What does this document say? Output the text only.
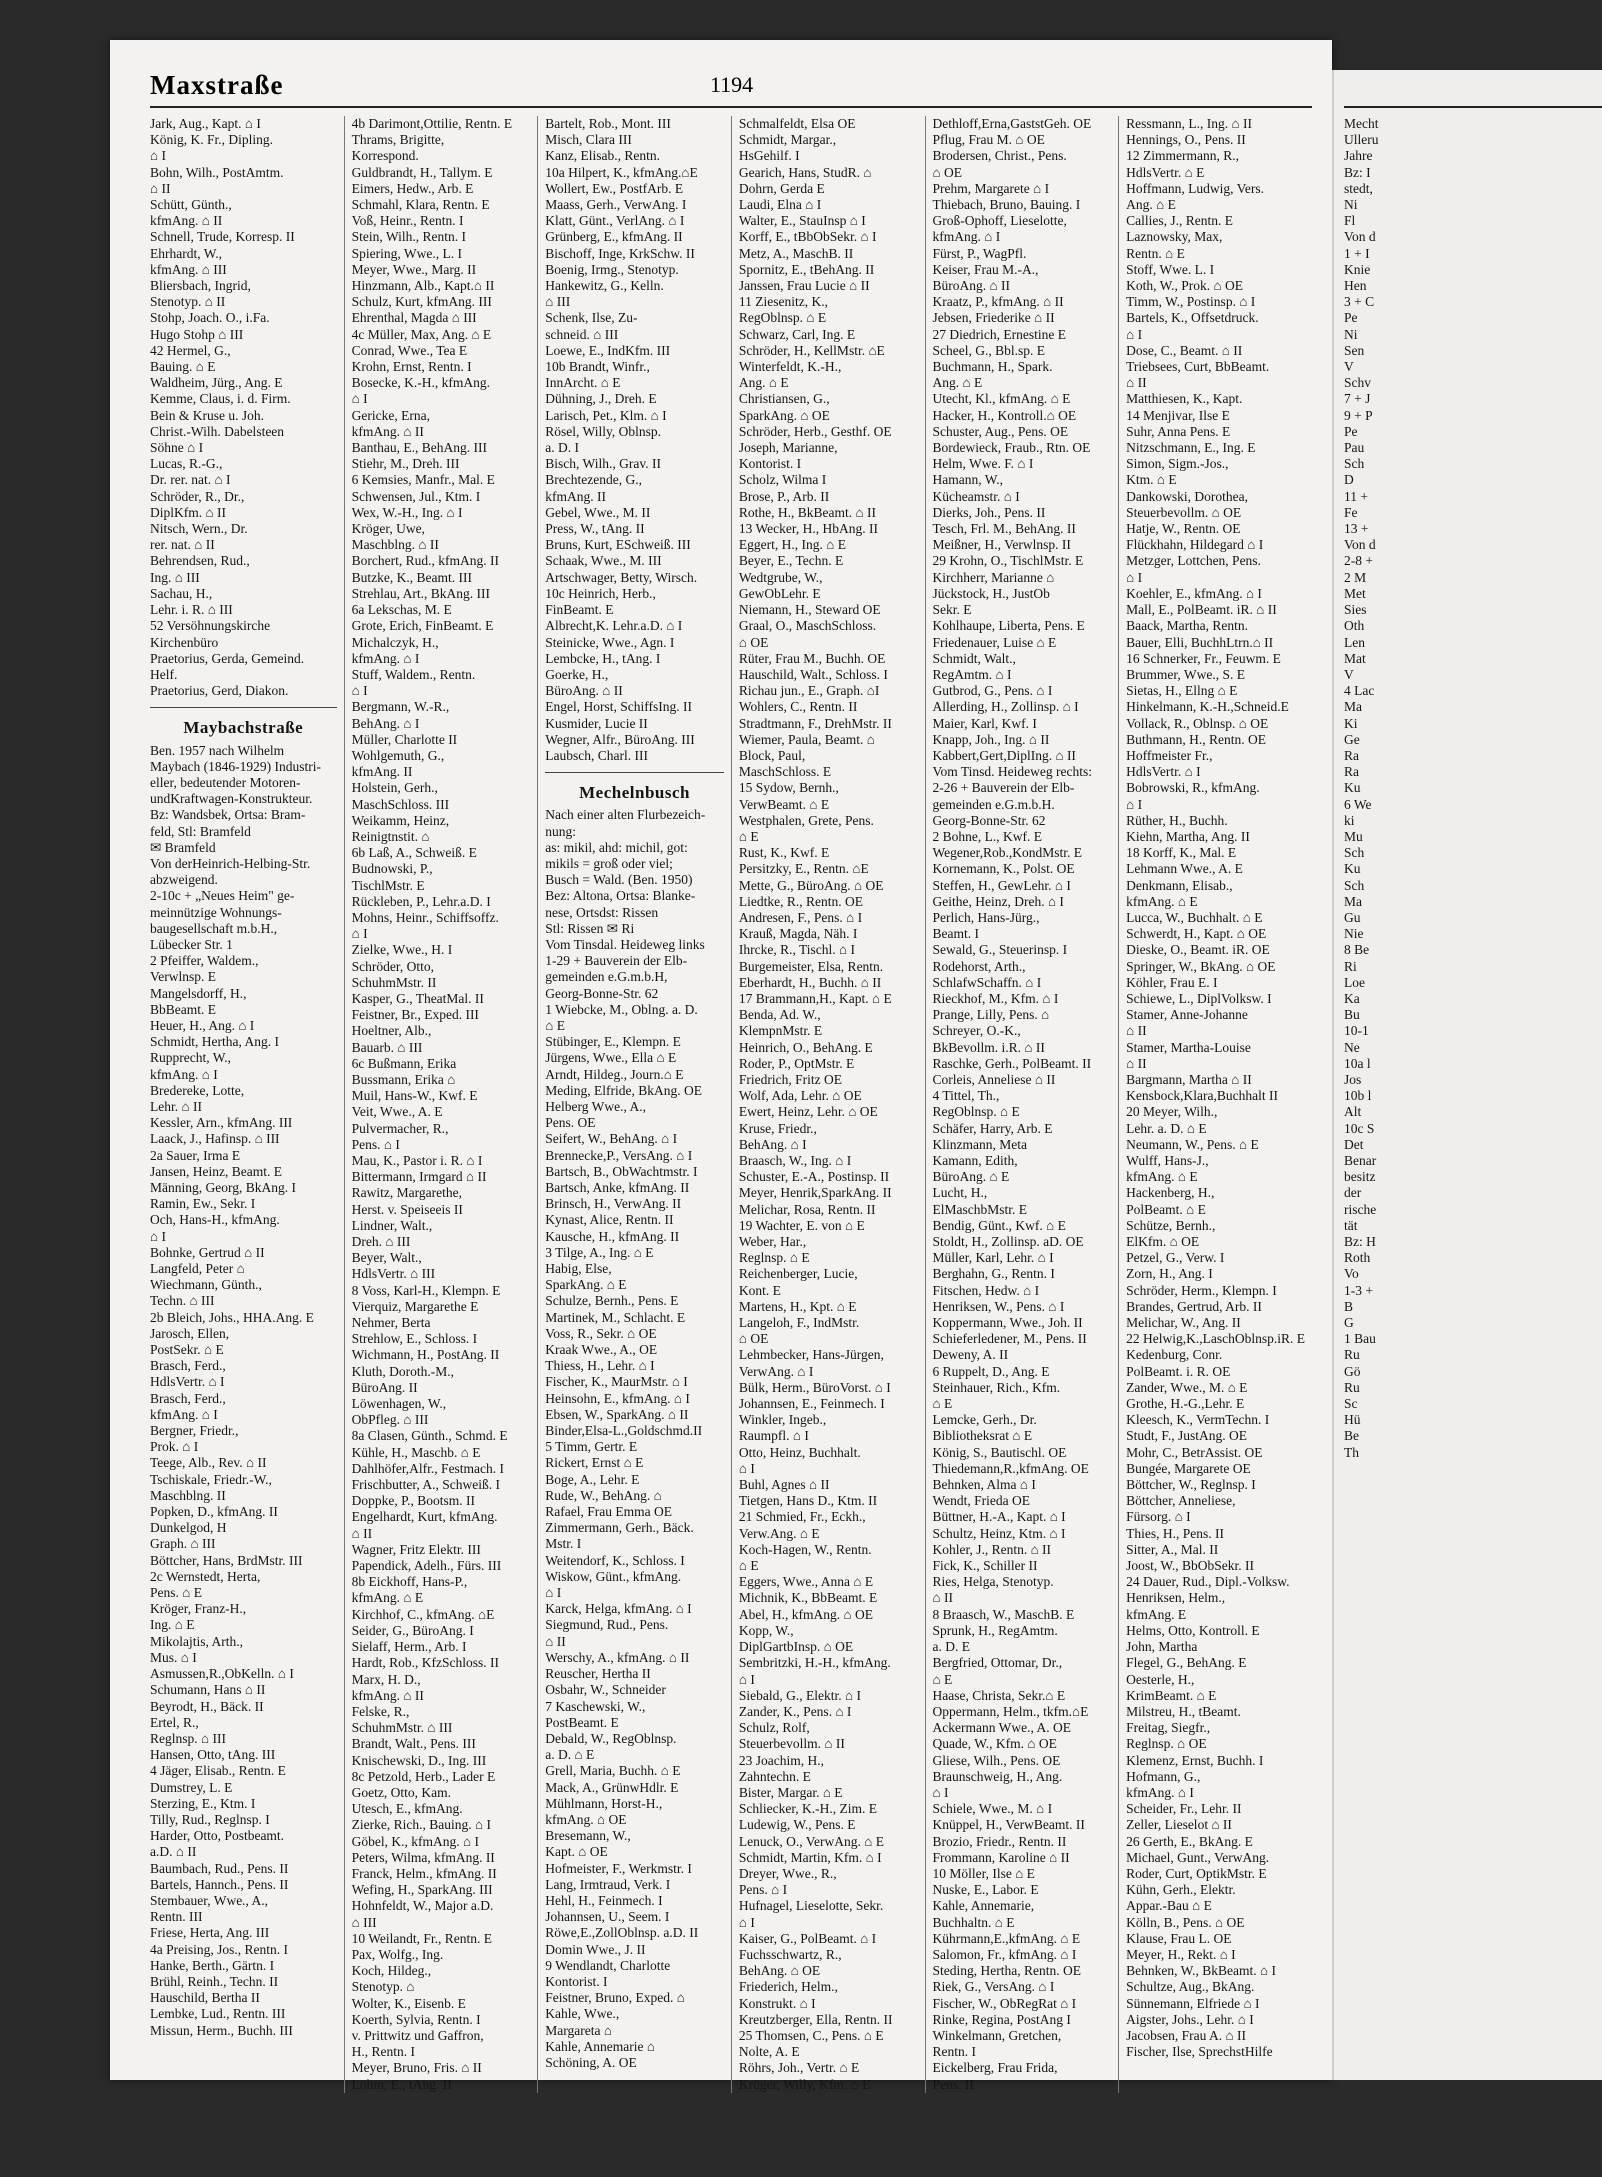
Maxstraße	1194
Jark, Aug., Kapt. ⌂ I
König, K. Fr., Dipling.
⌂ I
Bohn, Wilh., PostAmtm.
⌂ II
Schütt, Günth.,
kfmAng. ⌂ II
Schnell, Trude, Korresp. II
Ehrhardt, W.,
kfmAng. ⌂ III
Bliersbach, Ingrid,
Stenotyp. ⌂ II
Stohp, Joach. O., i.Fa.
Hugo Stohp ⌂ III
42 Hermel, G.,
Bauing. ⌂ E
Waldheim, Jürg., Ang. E
Kemme, Claus, i. d. Firm.
Bein & Kruse u. Joh.
Christ.-Wilh. Dabelsteen
Söhne ⌂ I
Lucas, R.-G.,
Dr. rer. nat. ⌂ I
Schröder, R., Dr.,
DiplKfm. ⌂ II
Nitsch, Wern., Dr.
rer. nat. ⌂ II
Behrendsen, Rud.,
Ing. ⌂ III
Sachau, H.,
Lehr. i. R. ⌂ III
52 Versöhnungskirche
Kirchenbüro
Praetorius, Gerda, Gemeind.
Helf.
Praetorius, Gerd, Diakon.
Maybachstraße
Ben. 1957 nach Wilhelm
Maybach (1846-1929) Industri-
eller, bedeutender Motoren-
undKraftwagen-Konstrukteur.
Bz: Wandsbek, Ortsa: Bram-
feld, Stl: Bramfeld
✉ Bramfeld
Von derHeinrich-Helbing-Str.
abzweigend.
2-10c + „Neues Heim" ge-
meinnützige Wohnungs-
baugesellschaft m.b.H.,
Lübecker Str. 1
2 Pfeiffer, Waldem.,
Verwlnsp. E
Mangelsdorff, H.,
BbBeamt. E
Heuer, H., Ang. ⌂ I
Schmidt, Hertha, Ang. I
Rupprecht, W.,
kfmAng. ⌂ I
Bredereke, Lotte,
Lehr. ⌂ II
Kessler, Arn., kfmAng. III
Laack, J., Hafinsp. ⌂ III
2a Sauer, Irma E
Jansen, Heinz, Beamt. E
Männing, Georg, BkAng. I
Ramin, Ew., Sekr. I
Och, Hans-H., kfmAng.
⌂ I
Bohnke, Gertrud ⌂ II
Langfeld, Peter ⌂
Wiechmann, Günth.,
Techn. ⌂ III
2b Bleich, Johs., HHA.Ang. E
Jarosch, Ellen,
PostSekr. ⌂ E
Brasch, Ferd.,
HdlsVertr. ⌂ I
Brasch, Ferd.,
kfmAng. ⌂ I
Bergner, Friedr.,
Prok. ⌂ I
Teege, Alb., Rev. ⌂ II
Tschiskale, Friedr.-W.,
Maschblng. II
Popken, D., kfmAng. II
Dunkelgod, H
Graph. ⌂ III
Böttcher, Hans, BrdMstr. III
2c Wernstedt, Herta,
Pens. ⌂ E
Kröger, Franz-H.,
Ing. ⌂ E
Mikolajtis, Arth.,
Mus. ⌂ I
Asmussen,R.,ObKelln. ⌂ I
Schumann, Hans ⌂ II
Beyrodt, H., Bäck. II
Ertel, R.,
Reglnsp. ⌂ III
Hansen, Otto, tAng. III
4 Jäger, Elisab., Rentn. E
Dumstrey, L. E
Sterzing, E., Ktm. I
Tilly, Rud., Reglnsp. I
Harder, Otto, Postbeamt.
a.D. ⌂ II
Baumbach, Rud., Pens. II
Bartels, Hannch., Pens. II
Stembauer, Wwe., A.,
Rentn. III
Friese, Herta, Ang. III
4a Preising, Jos., Rentn. I
Hanke, Berth., Gärtn. I
Brühl, Reinh., Techn. II
Hauschild, Bertha II
Lembke, Lud., Rentn. III
Missun, Herm., Buchh. III
4b Darimont,Ottilie, Rentn. E
Thrams, Brigitte,
Korrespond.
Guldbrandt, H., Tallym. E
Eimers, Hedw., Arb. E
Schmahl, Klara, Rentn. E
Voß, Heinr., Rentn. I
Stein, Wilh., Rentn. I
Spiering, Wwe., L. I
Meyer, Wwe., Marg. II
Hinzmann, Alb., Kapt.⌂ II
Schulz, Kurt, kfmAng. III
Ehrenthal, Magda ⌂ III
4c Müller, Max, Ang. ⌂ E
Conrad, Wwe., Tea E
Krohn, Ernst, Rentn. I
Bosecke, K.-H., kfmAng.
⌂ I
Gericke, Erna,
kfmAng. ⌂ II
Banthau, E., BehAng. III
Stiehr, M., Dreh. III
6 Kemsies, Manfr., Mal. E
Schwensen, Jul., Ktm. I
Wex, W.-H., Ing. ⌂ I
Kröger, Uwe,
Maschblng. ⌂ II
Borchert, Rud., kfmAng. II
Butzke, K., Beamt. III
Strehlau, Art., BkAng. III
6a Lekschas, M. E
Grote, Erich, FinBeamt. E
Michalczyk, H.,
kfmAng. ⌂ I
Stuff, Waldem., Rentn.
⌂ I
Bergmann, W.-R.,
BehAng. ⌂ I
Müller, Charlotte II
Wohlgemuth, G.,
kfmAng. II
Holstein, Gerh.,
MaschSchloss. III
Weikamm, Heinz,
Reinigtnstit. ⌂
6b Laß, A., Schweiß. E
Budnowski, P.,
TischlMstr. E
Rückleben, P., Lehr.a.D. I
Mohns, Heinr., Schiffsoffz.
⌂ I
Zielke, Wwe., H. I
Schröder, Otto,
SchuhmMstr. II
Kasper, G., TheatMal. II
Feistner, Br., Exped. III
Hoeltner, Alb.,
Bauarb. ⌂ III
6c Bußmann, Erika
Bussmann, Erika ⌂
Muil, Hans-W., Kwf. E
Veit, Wwe., A. E
Pulvermacher, R.,
Pens. ⌂ I
Mau, K., Pastor i. R. ⌂ I
Bittermann, Irmgard ⌂ II
Rawitz, Margarethe,
Herst. v. Speiseeis II
Lindner, Walt.,
Dreh. ⌂ III
Beyer, Walt.,
HdlsVertr. ⌂ III
8 Voss, Karl-H., Klempn. E
Vierquiz, Margarethe E
Nehmer, Berta
Strehlow, E., Schloss. I
Wichmann, H., PostAng. II
Kluth, Doroth.-M.,
BüroAng. II
Löwenhagen, W.,
ObPfleg. ⌂ III
8a Clasen, Günth., Schmd. E
Kühle, H., Maschb. ⌂ E
Dahlhöfer,Alfr., Festmach. I
Frischbutter, A., Schweiß. I
Doppke, P., Bootsm. II
Engelhardt, Kurt, kfmAng.
⌂ II
Wagner, Fritz Elektr. III
Papendick, Adelh., Fürs. III
8b Eickhoff, Hans-P.,
kfmAng. ⌂ E
Kirchhof, C., kfmAng. ⌂E
Seider, G., BüroAng. I
Sielaff, Herm., Arb. I
Hardt, Rob., KfzSchloss. II
Marx, H. D.,
kfmAng. ⌂ II
Felske, R.,
SchuhmMstr. ⌂ III
Brandt, Walt., Pens. III
Knischewski, D., Ing. III
8c Petzold, Herb., Lader E
Goetz, Otto, Kam.
Utesch, E., kfmAng.
Zierke, Rich., Bauing. ⌂ I
Göbel, K., kfmAng. ⌂ I
Peters, Wilma, kfmAng. II
Franck, Helm., kfmAng. II
Wefing, H., SparkAng. III
Hohnfeldt, W., Major a.D.
⌂ III
10 Weilandt, Fr., Rentn. E
Pax, Wolfg., Ing.
Koch, Hildeg.,
Stenotyp. ⌂
Wolter, K., Eisenb. E
Koerth, Sylvia, Rentn. I
v. Prittwitz und Gaffron,
H., Rentn. I
Meyer, Bruno, Fris. ⌂ II
Lohm, E., tAng. II
Bartelt, Rob., Mont. III
Misch, Clara III
Kanz, Elisab., Rentn.
10a Hilpert, K., kfmAng.⌂E
Wollert, Ew., PostfArb. E
Maass, Gerh., VerwAng. I
Klatt, Günt., VerlAng. ⌂ I
Grünberg, E., kfmAng. II
Bischoff, Inge, KrkSchw. II
Boenig, Irmg., Stenotyp.
Hankewitz, G., Kelln.
⌂ III
Schenk, Ilse, Zu-
schneid. ⌂ III
Loewe, E., IndKfm. III
10b Brandt, Winfr.,
InnArcht. ⌂ E
Dühning, J., Dreh. E
Larisch, Pet., Klm. ⌂ I
Rösel, Willy, Oblnsp.
a. D. I
Bisch, Wilh., Grav. II
Brechtezende, G.,
kfmAng. II
Gebel, Wwe., M. II
Press, W., tAng. II
Bruns, Kurt, ESchweiß. III
Schaak, Wwe., M. III
Artschwager, Betty, Wirsch.
10c Heinrich, Herb.,
FinBeamt. E
Albrecht,K. Lehr.a.D. ⌂ I
Steinicke, Wwe., Agn. I
Lembcke, H., tAng. I
Goerke, H.,
BüroAng. ⌂ II
Engel, Horst, SchiffsIng. II
Kusmider, Lucie II
Wegner, Alfr., BüroAng. III
Laubsch, Charl. III
Mechelnbusch
Nach einer alten Flurbezeich-
nung:
as: mikil, ahd: michil, got:
mikils = groß oder viel;
Busch = Wald. (Ben. 1950)
Bez: Altona, Ortsa: Blanke-
nese, Ortsdst: Rissen
Stl: Rissen ✉ Ri
Vom Tinsdal. Heideweg links
1-29 + Bauverein der Elb-
gemeinden e.G.m.b.H,
Georg-Bonne-Str. 62
1 Wiebcke, M., Oblng. a. D.
⌂ E
Stübinger, E., Klempn. E
Jürgens, Wwe., Ella ⌂ E
Arndt, Hildeg., Journ.⌂ E
Meding, Elfride, BkAng. OE
Helberg Wwe., A.,
Pens. OE
Seifert, W., BehAng. ⌂ I
Brennecke,P., VersAng. ⌂ I
Bartsch, B., ObWachtmstr. I
Bartsch, Anke, kfmAng. II
Brinsch, H., VerwAng. II
Kynast, Alice, Rentn. II
Kausche, H., kfmAng. II
3 Tilge, A., Ing. ⌂ E
Habig, Else,
SparkAng. ⌂ E
Schulze, Bernh., Pens. E
Martinek, M., Schlacht. E
Voss, R., Sekr. ⌂ OE
Kraak Wwe., A., OE
Thiess, H., Lehr. ⌂ I
Fischer, K., MaurMstr. ⌂ I
Heinsohn, E., kfmAng. ⌂ I
Ebsen, W., SparkAng. ⌂ II
Binder,Elsa-L.,Goldschmd.II
5 Timm, Gertr. E
Rickert, Ernst ⌂ E
Boge, A., Lehr. E
Rude, W., BehAng. ⌂
Rafael, Frau Emma OE
Zimmermann, Gerh., Bäck.
Mstr. I
Weitendorf, K., Schloss. I
Wiskow, Günt., kfmAng.
⌂ I
Karck, Helga, kfmAng. ⌂ I
Siegmund, Rud., Pens.
⌂ II
Werschy, A., kfmAng. ⌂ II
Reuscher, Hertha II
Osbahr, W., Schneider
7 Kaschewski, W.,
PostBeamt. E
Debald, W., RegOblnsp.
a. D. ⌂ E
Grell, Maria, Buchh. ⌂ E
Mack, A., GrünwHdlr. E
Mühlmann, Horst-H.,
kfmAng. ⌂ OE
Bresemann, W.,
Kapt. ⌂ OE
Hofmeister, F., Werkmstr. I
Lang, Irmtraud, Verk. I
Hehl, H., Feinmech. I
Johannsen, U., Seem. I
Röwe,E.,ZollOblnsp. a.D. II
Domin Wwe., J. II
9 Wendlandt, Charlotte
Kontorist. I
Feistner, Bruno, Exped. ⌂
Kahle, Wwe.,
Margareta ⌂
Kahle, Annemarie ⌂
Schöning, A. OE
Schmalfeldt, Elsa OE
Schmidt, Margar.,
HsGehilf. I
Gearich, Hans, StudR. ⌂
Dohrn, Gerda E
Laudi, Elna ⌂ I
Walter, E., StauInsp ⌂ I
Korff, E., tBbObSekr. ⌂ I
Metz, A., MaschB. II
Spornitz, E., tBehAng. II
Janssen, Frau Lucie ⌂ II
11 Ziesenitz, K.,
RegOblnsp. ⌂ E
Schwarz, Carl, Ing. E
Schröder, H., KellMstr. ⌂E
Winterfeldt, K.-H.,
Ang. ⌂ E
Christiansen, G.,
SparkAng. ⌂ OE
Schröder, Herb., Gesthf. OE
Joseph, Marianne,
Kontorist. I
Scholz, Wilma I
Brose, P., Arb. II
Rothe, H., BkBeamt. ⌂ II
13 Wecker, H., HbAng. II
Eggert, H., Ing. ⌂ E
Beyer, E., Techn. E
Wedtgrube, W.,
GewObLehr. E
Niemann, H., Steward OE
Graal, O., MaschSchloss.
⌂ OE
Rüter, Frau M., Buchh. OE
Hauschild, Walt., Schloss. I
Richau jun., E., Graph. ⌂I
Wohlers, C., Rentn. II
Stradtmann, F., DrehMstr. II
Wiemer, Paula, Beamt. ⌂
Block, Paul,
MaschSchloss. E
15 Sydow, Bernh.,
VerwBeamt. ⌂ E
Westphalen, Grete, Pens.
⌂ E
Rust, K., Kwf. E
Persitzky, E., Rentn. ⌂E
Mette, G., BüroAng. ⌂ OE
Liedtke, R., Rentn. OE
Andresen, F., Pens. ⌂ I
Krauß, Magda, Näh. I
Ihrcke, R., Tischl. ⌂ I
Burgemeister, Elsa, Rentn.
Eberhardt, H., Buchh. ⌂ II
17 Brammann,H., Kapt. ⌂ E
Benda, Ad. W.,
KlempnMstr. E
Heinrich, O., BehAng. E
Roder, P., OptMstr. E
Friedrich, Fritz OE
Wolf, Ada, Lehr. ⌂ OE
Ewert, Heinz, Lehr. ⌂ OE
Kruse, Friedr.,
BehAng. ⌂ I
Braasch, W., Ing. ⌂ I
Schuster, E.-A., Postinsp. II
Meyer, Henrik,SparkAng. II
Melichar, Rosa, Rentn. II
19 Wachter, E. von ⌂ E
Weber, Har.,
Reglnsp. ⌂ E
Reichenberger, Lucie,
Kont. E
Martens, H., Kpt. ⌂ E
Langeloh, F., IndMstr.
⌂ OE
Lehmbecker, Hans-Jürgen,
VerwAng. ⌂ I
Bülk, Herm., BüroVorst. ⌂ I
Johannsen, E., Feinmech. I
Winkler, Ingeb.,
Raumpfl. ⌂ I
Otto, Heinz, Buchhalt.
⌂ I
Buhl, Agnes ⌂ II
Tietgen, Hans D., Ktm. II
21 Schmied, Fr., Eckh.,
Verw.Ang. ⌂ E
Koch-Hagen, W., Rentn.
⌂ E
Eggers, Wwe., Anna ⌂ E
Michnik, K., BbBeamt. E
Abel, H., kfmAng. ⌂ OE
Kopp, W.,
DiplGartbInsp. ⌂ OE
Sembritzki, H.-H., kfmAng.
⌂ I
Siebald, G., Elektr. ⌂ I
Zander, K., Pens. ⌂ I
Schulz, Rolf,
Steuerbevollm. ⌂ II
23 Joachim, H.,
Zahntechn. E
Bister, Margar. ⌂ E
Schliecker, K.-H., Zim. E
Ludewig, W., Pens. E
Lenuck, O., VerwAng. ⌂ E
Schmidt, Martin, Kfm. ⌂ I
Dreyer, Wwe., R.,
Pens. ⌂ I
Hufnagel, Lieselotte, Sekr.
⌂ I
Kaiser, G., PolBeamt. ⌂ I
Fuchsschwartz, R.,
BehAng. ⌂ OE
Friederich, Helm.,
Konstrukt. ⌂ I
Kreutzberger, Ella, Rentn. II
25 Thomsen, C., Pens. ⌂ E
Nolte, A. E
Röhrs, Joh., Vertr. ⌂ E
Krüger, Willy, Kfm. ⌂ E
Dethloff,Erna,GaststGeh. OE
Pflug, Frau M. ⌂ OE
Brodersen, Christ., Pens.
⌂ OE
Prehm, Margarete ⌂ I
Thiebach, Bruno, Bauing. I
Groß-Ophoff, Lieselotte,
kfmAng. ⌂ I
Fürst, P., WagPfl.
Keiser, Frau M.-A.,
BüroAng. ⌂ II
Kraatz, P., kfmAng. ⌂ II
Jebsen, Friederike ⌂ II
27 Diedrich, Ernestine E
Scheel, G., Bbl.sp. E
Buchmann, H., Spark.
Ang. ⌂ E
Utecht, Kl., kfmAng. ⌂ E
Hacker, H., Kontroll.⌂ OE
Schuster, Aug., Pens. OE
Bordewieck, Fraub., Rtn. OE
Helm, Wwe. F. ⌂ I
Hamann, W.,
Kücheamstr. ⌂ I
Dierks, Joh., Pens. II
Tesch, Frl. M., BehAng. II
Meißner, H., Verwlnsp. II
29 Krohn, O., TischlMstr. E
Kirchherr, Marianne ⌂
Jückstock, H., JustOb
Sekr. E
Kohlhaupe, Liberta, Pens. E
Friedenauer, Luise ⌂ E
Schmidt, Walt.,
RegAmtm. ⌂ I
Gutbrod, G., Pens. ⌂ I
Allerding, H., Zollinsp. ⌂ I
Maier, Karl, Kwf. I
Knapp, Joh., Ing. ⌂ II
Kabbert,Gert,DiplIng. ⌂ II
Vom Tinsd. Heideweg rechts:
2-26 + Bauverein der Elb-
gemeinden e.G.m.b.H.
Georg-Bonne-Str. 62
2 Bohne, L., Kwf. E
Wegener,Rob.,KondMstr. E
Kornemann, K., Polst. OE
Steffen, H., GewLehr. ⌂ I
Geithe, Heinz, Dreh. ⌂ I
Perlich, Hans-Jürg.,
Beamt. I
Sewald, G., Steuerinsp. I
Rodehorst, Arth.,
SchlafwSchaffn. ⌂ I
Rieckhof, M., Kfm. ⌂ I
Prange, Lilly, Pens. ⌂
Schreyer, O.-K.,
BkBevollm. i.R. ⌂ II
Raschke, Gerh., PolBeamt. II
Corleis, Anneliese ⌂ II
4 Tittel, Th.,
RegOblnsp. ⌂ E
Schäfer, Harry, Arb. E
Klinzmann, Meta
Kamann, Edith,
BüroAng. ⌂ E
Lucht, H.,
ElMaschbMstr. E
Bendig, Günt., Kwf. ⌂ E
Stoldt, H., Zollinsp. aD. OE
Müller, Karl, Lehr. ⌂ I
Berghahn, G., Rentn. I
Fitschen, Hedw. ⌂ I
Henriksen, W., Pens. ⌂ I
Koppermann, Wwe., Joh. II
Schieferledener, M., Pens. II
Deweny, A. II
6 Ruppelt, D., Ang. E
Steinhauer, Rich., Kfm.
⌂ E
Lemcke, Gerh., Dr.
Bibliotheksrat ⌂ E
König, S., Bautischl. OE
Thiedemann,R.,kfmAng. OE
Behnken, Alma ⌂ I
Wendt, Frieda OE
Büttner, H.-A., Kapt. ⌂ I
Schultz, Heinz, Ktm. ⌂ I
Kohler, J., Rentn. ⌂ II
Fick, K., Schiller II
Ries, Helga, Stenotyp.
⌂ II
8 Braasch, W., MaschB. E
Sprunk, H., RegAmtm.
a. D. E
Bergfried, Ottomar, Dr.,
⌂ E
Haase, Christa, Sekr.⌂ E
Oppermann, Helm., tkfm.⌂E
Ackermann Wwe., A. OE
Quade, W., Kfm. ⌂ OE
Gliese, Wilh., Pens. OE
Braunschweig, H., Ang.
⌂ I
Schiele, Wwe., M. ⌂ I
Knüppel, H., VerwBeamt. II
Brozio, Friedr., Rentn. II
Frommann, Karoline ⌂ II
10 Möller, Ilse ⌂ E
Nuske, E., Labor. E
Kahle, Annemarie,
Buchhaltn. ⌂ E
Kührmann,E.,kfmAng. ⌂ E
Salomon, Fr., kfmAng. ⌂ I
Steding, Hertha, Rentn. OE
Riek, G., VersAng. ⌂ I
Fischer, W., ObRegRat ⌂ I
Rinke, Regina, PostAng I
Winkelmann, Gretchen,
Rentn. I
Eickelberg, Frau Frida,
Pens. II
Ressmann, L., Ing. ⌂ II
Hennings, O., Pens. II
12 Zimmermann, R.,
HdlsVertr. ⌂ E
Hoffmann, Ludwig, Vers.
Ang. ⌂ E
Callies, J., Rentn. E
Laznowsky, Max,
Rentn. ⌂ E
Stoff, Wwe. L. I
Koth, W., Prok. ⌂ OE
Timm, W., Postinsp. ⌂ I
Bartels, K., Offsetdruck.
⌂ I
Dose, C., Beamt. ⌂ II
Triebsees, Curt, BbBeamt.
⌂ II
Matthiesen, K., Kapt.
14 Menjivar, Ilse E
Suhr, Anna Pens. E
Nitzschmann, E., Ing. E
Simon, Sigm.-Jos.,
Ktm. ⌂ E
Dankowski, Dorothea,
Steuerbevollm. ⌂ OE
Hatje, W., Rentn. OE
Flückhahn, Hildegard ⌂ I
Metzger, Lottchen, Pens.
⌂ I
Koehler, E., kfmAng. ⌂ I
Mall, E., PolBeamt. iR. ⌂ II
Baack, Martha, Rentn.
Bauer, Elli, BuchhLtrn.⌂ II
16 Schnerker, Fr., Feuwm. E
Brummer, Wwe., S. E
Sietas, H., Ellng ⌂ E
Hinkelmann, K.-H.,Schneid.E
Vollack, R., Oblnsp. ⌂ OE
Buthmann, H., Rentn. OE
Hoffmeister Fr.,
HdlsVertr. ⌂ I
Bobrowski, R., kfmAng.
⌂ I
Rüther, H., Buchh.
Kiehn, Martha, Ang. II
18 Korff, K., Mal. E
Lehmann Wwe., A. E
Denkmann, Elisab.,
kfmAng. ⌂ E
Lucca, W., Buchhalt. ⌂ E
Schwerdt, H., Kapt. ⌂ OE
Dieske, O., Beamt. iR. OE
Springer, W., BkAng. ⌂ OE
Köhler, Frau E. I
Schiewe, L., DiplVolksw. I
Stamer, Anne-Johanne
⌂ II
Stamer, Martha-Louise
⌂ II
Bargmann, Martha ⌂ II
Kensbock,Klara,Buchhalt II
20 Meyer, Wilh.,
Lehr. a. D. ⌂ E
Neumann, W., Pens. ⌂ E
Wulff, Hans-J.,
kfmAng. ⌂ E
Hackenberg, H.,
PolBeamt. ⌂ E
Schütze, Bernh.,
ElKfm. ⌂ OE
Petzel, G., Verw. I
Zorn, H., Ang. I
Schröder, Herm., Klempn. I
Brandes, Gertrud, Arb. II
Melichar, W., Ang. II
22 Helwig,K.,LaschOblnsp.iR. E
Kedenburg, Conr.
PolBeamt. i. R. OE
Zander, Wwe., M. ⌂ E
Grothe, H.-G.,Lehr. E
Kleesch, K., VermTechn. I
Studt, F., JustAng. OE
Mohr, C., BetrAssist. OE
Bungée, Margarete OE
Böttcher, W., Reglnsp. I
Böttcher, Anneliese,
Fürsorg. ⌂ I
Thies, H., Pens. II
Sitter, A., Mal. II
Joost, W., BbObSekr. II
24 Dauer, Rud., Dipl.-Volksw.
Henriksen, Helm.,
kfmAng. E
Helms, Otto, Kontroll. E
John, Martha
Flegel, G., BehAng. E
Oesterle, H.,
KrimBeamt. ⌂ E
Milstreu, H., tBeamt.
Freitag, Siegfr.,
Reglnsp. ⌂ OE
Klemenz, Ernst, Buchh. I
Hofmann, G.,
kfmAng. ⌂ I
Scheider, Fr., Lehr. II
Zeller, Lieselot ⌂ II
26 Gerth, E., BkAng. E
Michael, Gunt., VerwAng.
Roder, Curt, OptikMstr. E
Kühn, Gerh., Elektr.
Appar.-Bau ⌂ E
Kölln, B., Pens. ⌂ OE
Klause, Frau L. OE
Meyer, H., Rekt. ⌂ I
Behnken, W., BkBeamt. ⌂ I
Schultze, Aug., BkAng.
Sünnemann, Elfriede ⌂ I
Aigster, Johs., Lehr. ⌂ I
Jacobsen, Frau A. ⌂ II
Fischer, Ilse, SprechstHilfe
Mecht
Ulleru
Jahre
Bz: I
stedt,
Ni
Fl
Von d
1 + I
Knie
Hen
3 + C
Pe
Ni
Sen
V
Schv
7 + J
9 + P
Pe
Pau
Sch
D
11 +
Fe
13 +
Von d
2-8 +
2 M
Met
Sies
Oth
Len
Mat
V
4 Lac
Ma
Ki
Ge
Ra
Ra
Ku
6 We
ki
Mu
Sch
Ku
Sch
Ma
Gu
Nie
8 Be
Ri
Loe
Ka
Bu
10-1
Ne
10a l
Jos
10b l
Alt
10c S
Det
Benar
besitz
der
rische
tät
Bz: H
Roth
Vo
1-3 +
B
G
1 Bau
Ru
Gö
Ru
Sc
Hü
Be
Th
